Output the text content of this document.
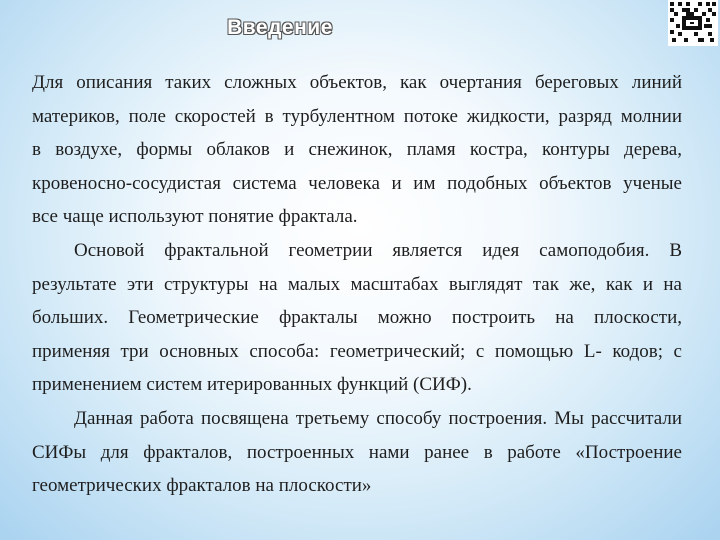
Введение

Для описания таких сложных объектов, как очертания береговых линий
материков, поле скоростей в турбулентном потоке жидкости, разряд молнии
в воздухе, формы облаков и снежинок, пламя костра, контуры дерева,
кровеносно-сосудистая система человека и им подобных объектов ученые
все чаще используют понятие фрактала.

Основой фрактальной геометрии является идея самоподобия. В
результате эти структуры на малых масштабах выглядят так же, как и на
больших. Геометрические фракталы можно построить на плоскости,
применяя три основных способа: геометрический; с помощью L- кодов; с
применением систем итерированных функций (СИФ).

Данная работа посвящена третьему способу построения. Мы рассчитали
СИФы для фракталов, построенных нами ранее в работе «Построение
геометрических фракталов на плоскости»
